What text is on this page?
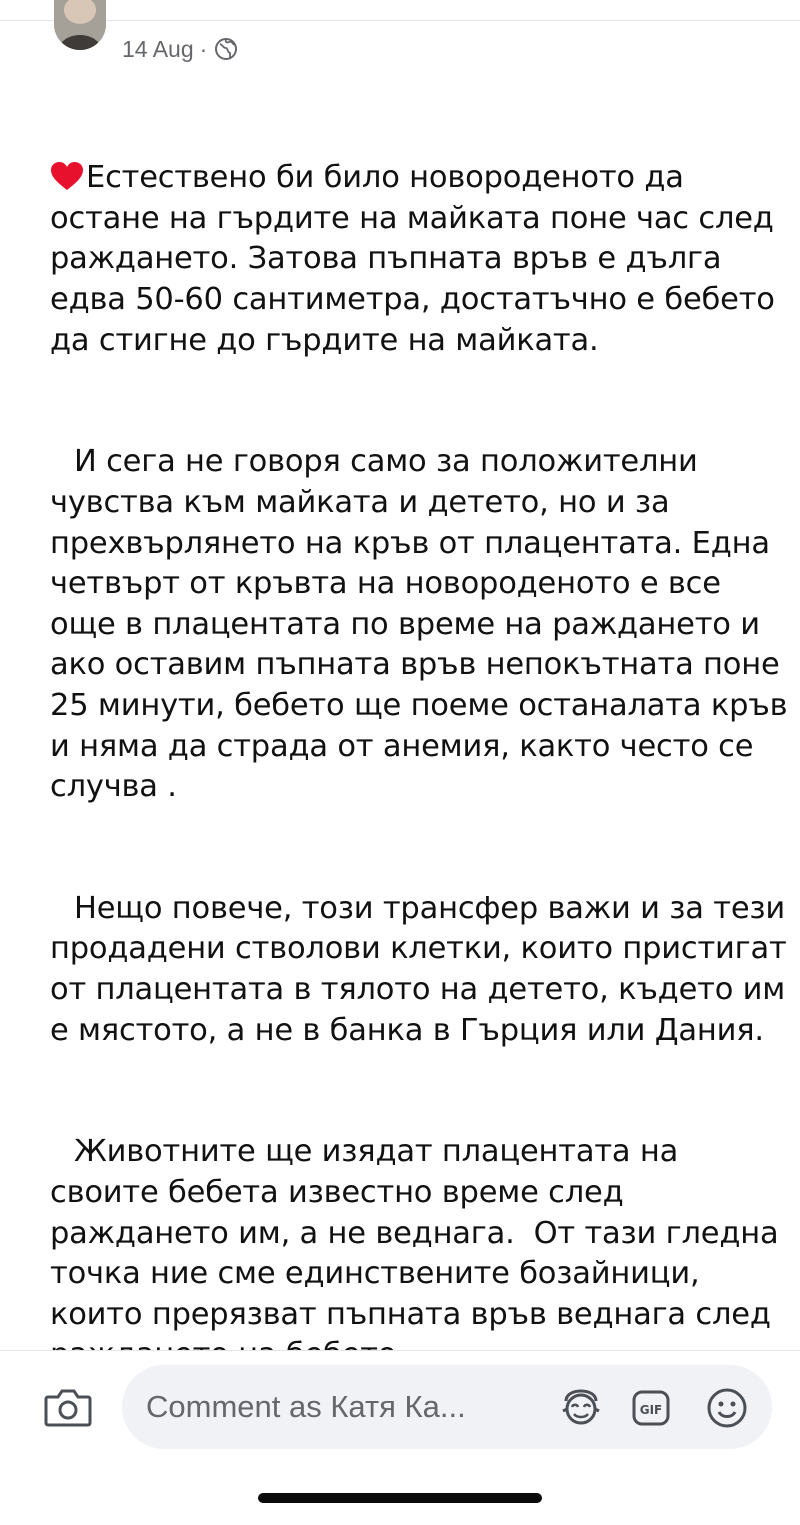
14 Aug ·

Естествено би било новороденото да остане на гърдите на майката поне час след раждането. Затова пъпната връв е дълга едва 50-60 сантиметра, достатъчно е бебето да стигне до гърдите на майката.

И сега не говоря само за положителни чувства към майката и детето, но и за прехвърлянето на кръв от плацентата. Една четвърт от кръвта на новороденото е все още в плацентата по време на раждането и ако оставим пъпната връв непокътната поне 25 минути, бебето ще поеме останалата кръв и няма да страда от анемия, както често се случва .

Нещо повече, този трансфер важи и за тези продадени стволови клетки, които пристигат от плацентата в тялото на детето, където им е мястото, а не в банка в Гърция или Дания.

Животните ще изядат плацентата на своите бебета известно време след раждането им, а не веднага.  От тази гледна точка ние сме единствените бозайници, които прерязват пъпната връв веднага след

Comment as Катя Ка...	GIF
